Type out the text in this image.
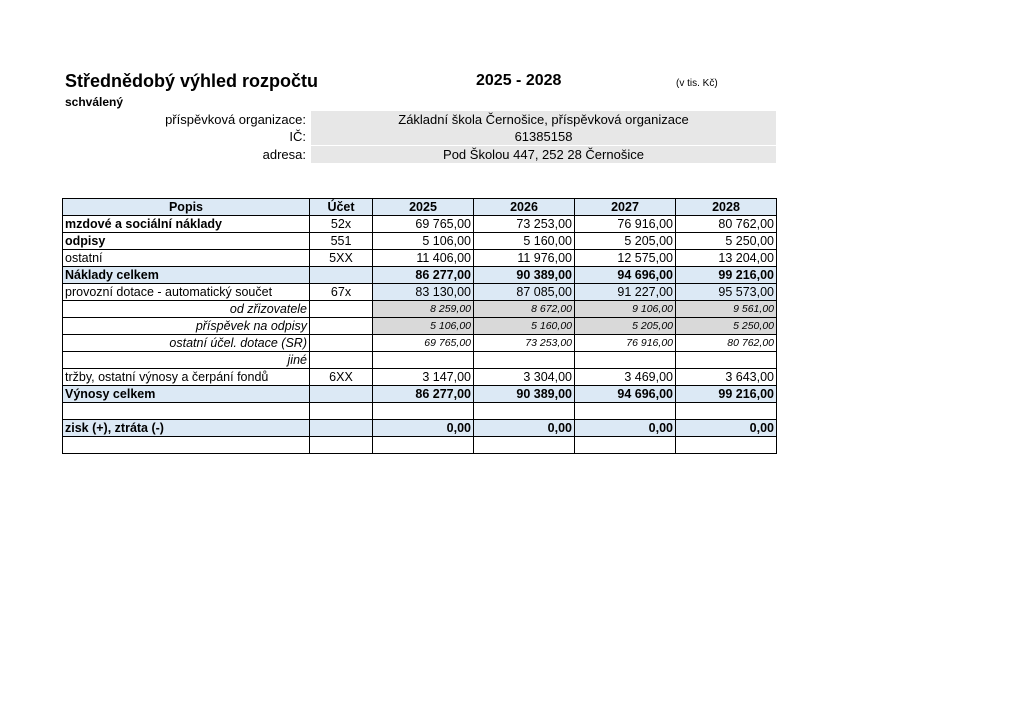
Střednědobý výhled rozpočtu	2025 - 2028	(v tis. Kč)
schválený
příspěvková organizace:	Základní škola Černošice, příspěvková organizace
IČ:	61385158
adresa:	Pod Školou 447, 252 28 Černošice
Popis	Účet	2025	2026	2027	2028
mzdové a sociální náklady	52x	69 765,00	73 253,00	76 916,00	80 762,00
odpisy	551	5 106,00	5 160,00	5 205,00	5 250,00
ostatní	5XX	11 406,00	11 976,00	12 575,00	13 204,00
Náklady celkem		86 277,00	90 389,00	94 696,00	99 216,00
provozní dotace - automatický součet	67x	83 130,00	87 085,00	91 227,00	95 573,00
od zřizovatele		8 259,00	8 672,00	9 106,00	9 561,00
příspěvek na odpisy		5 106,00	5 160,00	5 205,00	5 250,00
ostatní účel. dotace (SR)		69 765,00	73 253,00	76 916,00	80 762,00
jiné					
tržby, ostatní výnosy a čerpání fondů	6XX	3 147,00	3 304,00	3 469,00	3 643,00
Výnosy celkem		86 277,00	90 389,00	94 696,00	99 216,00

zisk (+), ztráta (-)		0,00	0,00	0,00	0,00
